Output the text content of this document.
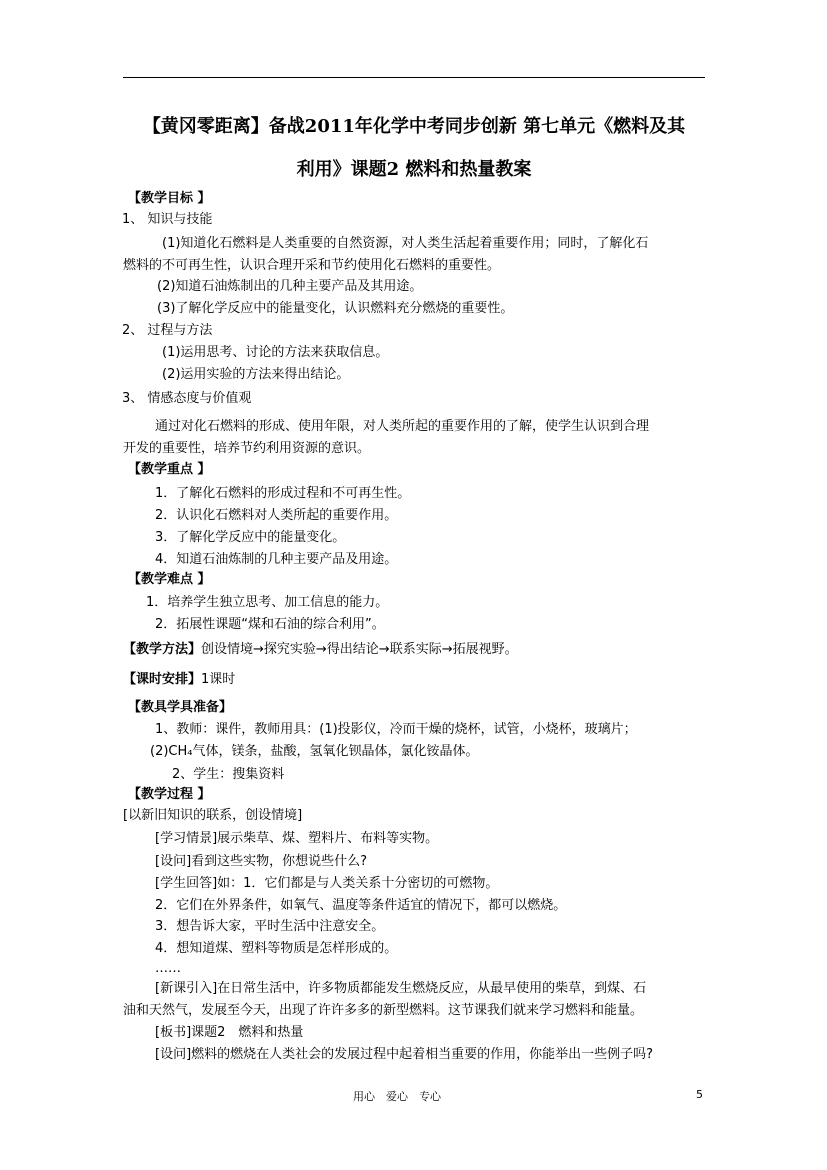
【黄冈零距离】备战2011年化学中考同步创新 第七单元《燃料及其
利用》课题2 燃料和热量教案
【教学目标 】
1、 知识与技能
(1)知道化石燃料是人类重要的自然资源，对人类生活起着重要作用；同时，了解化石
燃料的不可再生性，认识合理开采和节约使用化石燃料的重要性。
(2)知道石油炼制出的几种主要产品及其用途。
(3)了解化学反应中的能量变化，认识燃料充分燃烧的重要性。
2、 过程与方法
(1)运用思考、讨论的方法来获取信息。
(2)运用实验的方法来得出结论。
3、 情感态度与价值观
通过对化石燃料的形成、使用年限，对人类所起的重要作用的了解，使学生认识到合理
开发的重要性，培养节约利用资源的意识。
【教学重点 】
1．了解化石燃料的形成过程和不可再生性。
2．认识化石燃料对人类所起的重要作用。
3．了解化学反应中的能量变化。
4．知道石油炼制的几种主要产品及用途。
【教学难点 】
1．培养学生独立思考、加工信息的能力。
2．拓展性课题“煤和石油的综合利用”。
【教学方法】创设情境→探究实验→得出结论→联系实际→拓展视野。
【课时安排】1课时
【教具学具准备】
1、教师：课件，教师用具：(1)投影仪，冷而干燥的烧杯，试管，小烧杯，玻璃片；
(2)CH₄气体，镁条，盐酸，氢氧化钡晶体，氯化铵晶体。
2、学生：搜集资料
【教学过程 】
[以新旧知识的联系，创设情境]
[学习情景]展示柴草、煤、塑料片、布料等实物。
[设问]看到这些实物，你想说些什么?
[学生回答]如：1．它们都是与人类关系十分密切的可燃物。
2．它们在外界条件，如氧气、温度等条件适宜的情况下，都可以燃烧。
3．想告诉大家，平时生活中注意安全。
4．想知道煤、塑料等物质是怎样形成的。
……
[新课引入]在日常生活中，许多物质都能发生燃烧反应，从最早使用的柴草，到煤、石
油和天然气，发展至今天，出现了许许多多的新型燃料。这节课我们就来学习燃料和能量。
[板书]课题2　燃料和热量
[设问]燃料的燃烧在人类社会的发展过程中起着相当重要的作用，你能举出一些例子吗?
用心　爱心　专心	5
